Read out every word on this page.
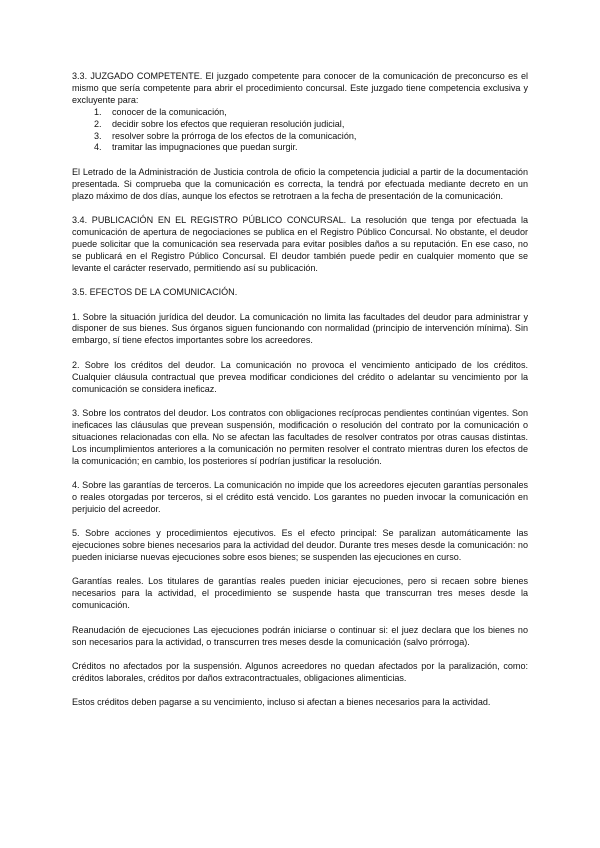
3.3. JUZGADO COMPETENTE. El juzgado competente para conocer de la comunicación de preconcurso es el mismo que sería competente para abrir el procedimiento concursal. Este juzgado tiene competencia exclusiva y excluyente para:

1. conocer de la comunicación,
2. decidir sobre los efectos que requieran resolución judicial,
3. resolver sobre la prórroga de los efectos de la comunicación,
4. tramitar las impugnaciones que puedan surgir.

El Letrado de la Administración de Justicia controla de oficio la competencia judicial a partir de la documentación presentada. Si comprueba que la comunicación es correcta, la tendrá por efectuada mediante decreto en un plazo máximo de dos días, aunque los efectos se retrotraen a la fecha de presentación de la comunicación.

3.4. PUBLICACIÓN EN EL REGISTRO PÚBLICO CONCURSAL. La resolución que tenga por efectuada la comunicación de apertura de negociaciones se publica en el Registro Público Concursal. No obstante, el deudor puede solicitar que la comunicación sea reservada para evitar posibles daños a su reputación. En ese caso, no se publicará en el Registro Público Concursal. El deudor también puede pedir en cualquier momento que se levante el carácter reservado, permitiendo así su publicación.

3.5. EFECTOS DE LA COMUNICACIÓN.

1. Sobre la situación jurídica del deudor. La comunicación no limita las facultades del deudor para administrar y disponer de sus bienes. Sus órganos siguen funcionando con normalidad (principio de intervención mínima). Sin embargo, sí tiene efectos importantes sobre los acreedores.

2. Sobre los créditos del deudor. La comunicación no provoca el vencimiento anticipado de los créditos. Cualquier cláusula contractual que prevea modificar condiciones del crédito o adelantar su vencimiento por la comunicación se considera ineficaz.

3. Sobre los contratos del deudor. Los contratos con obligaciones recíprocas pendientes continúan vigentes. Son ineficaces las cláusulas que prevean suspensión, modificación o resolución del contrato por la comunicación o situaciones relacionadas con ella. No se afectan las facultades de resolver contratos por otras causas distintas. Los incumplimientos anteriores a la comunicación no permiten resolver el contrato mientras duren los efectos de la comunicación; en cambio, los posteriores sí podrían justificar la resolución.

4. Sobre las garantías de terceros. La comunicación no impide que los acreedores ejecuten garantías personales o reales otorgadas por terceros, si el crédito está vencido. Los garantes no pueden invocar la comunicación en perjuicio del acreedor.

5. Sobre acciones y procedimientos ejecutivos. Es el efecto principal: Se paralizan automáticamente las ejecuciones sobre bienes necesarios para la actividad del deudor. Durante tres meses desde la comunicación: no pueden iniciarse nuevas ejecuciones sobre esos bienes; se suspenden las ejecuciones en curso.

Garantías reales. Los titulares de garantías reales pueden iniciar ejecuciones, pero si recaen sobre bienes necesarios para la actividad, el procedimiento se suspende hasta que transcurran tres meses desde la comunicación.

Reanudación de ejecuciones Las ejecuciones podrán iniciarse o continuar si: el juez declara que los bienes no son necesarios para la actividad, o transcurren tres meses desde la comunicación (salvo prórroga).

Créditos no afectados por la suspensión. Algunos acreedores no quedan afectados por la paralización, como: créditos laborales, créditos por daños extracontractuales, obligaciones alimenticias.

Estos créditos deben pagarse a su vencimiento, incluso si afectan a bienes necesarios para la actividad.
